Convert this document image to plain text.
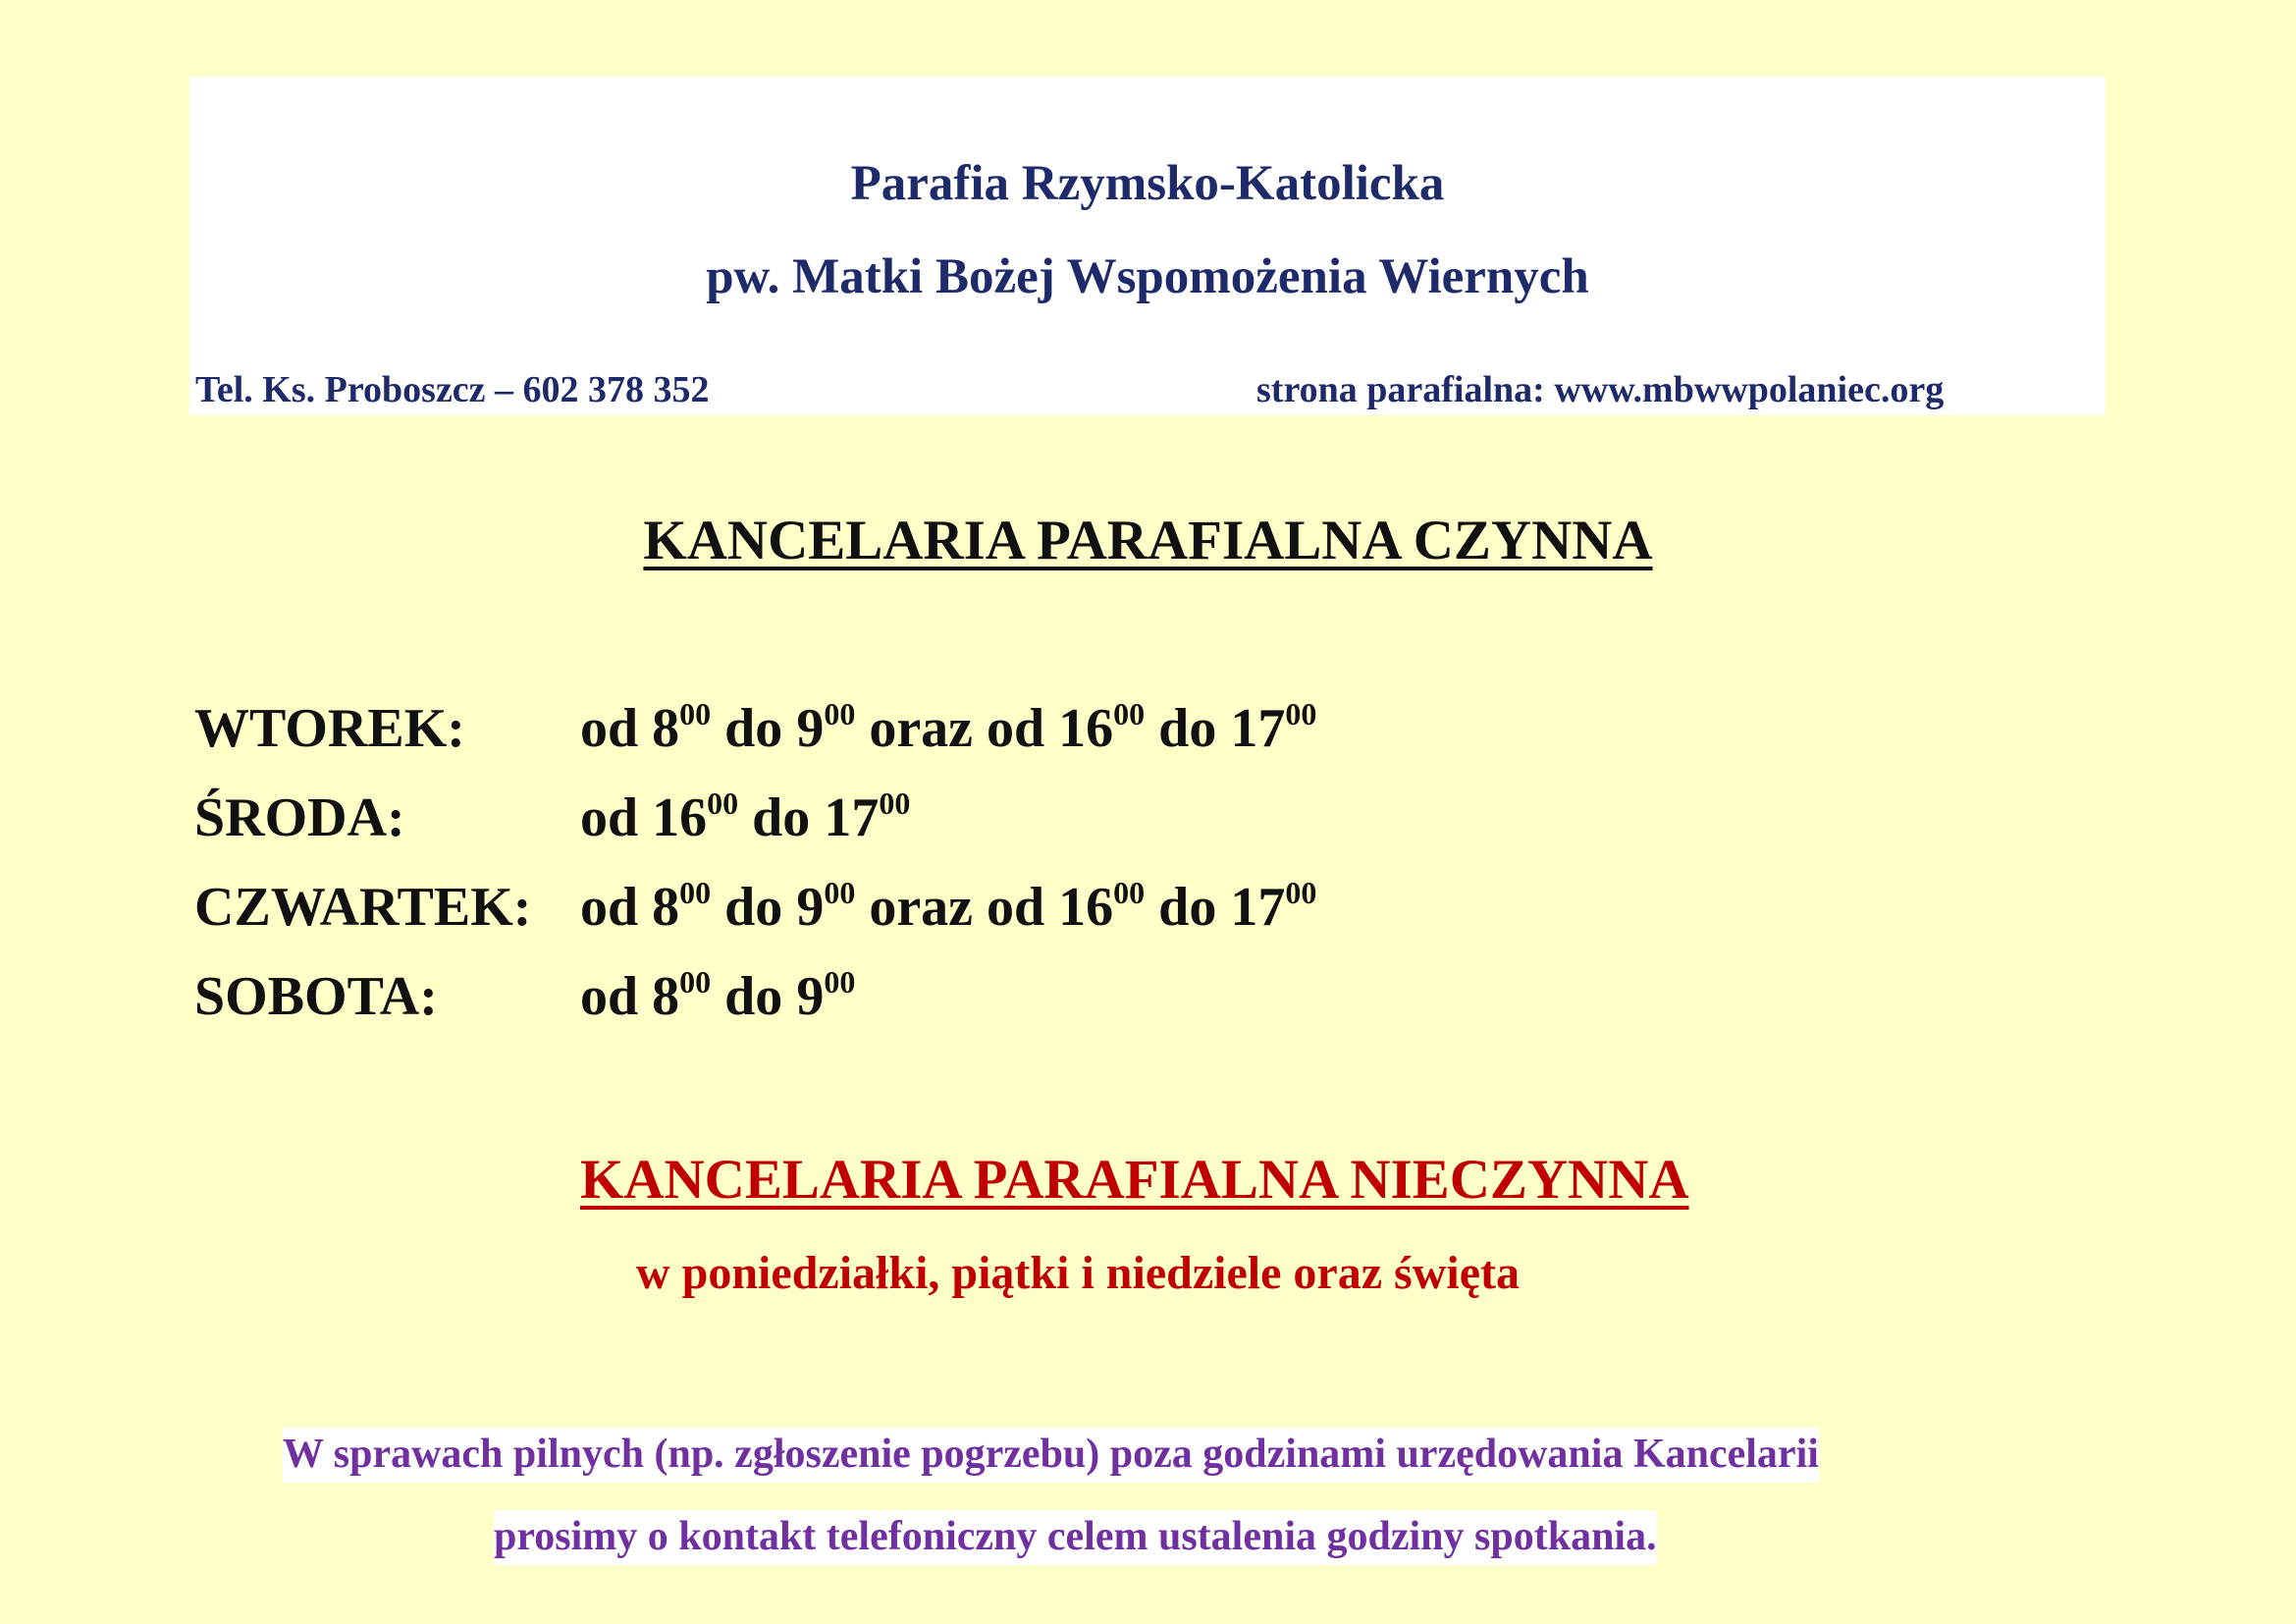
Parafia Rzymsko-Katolicka
pw. Matki Bożej Wspomożenia Wiernych
Tel. Ks. Proboszcz – 602 378 352	strona parafialna: www.mbwwpolaniec.org
KANCELARIA PARAFIALNA CZYNNA
WTOREK: od $8^{00}$ do $9^{00}$ oraz od $16^{00}$ do $17^{00}$
ŚRODA:	od $16^{00}$ do $17^{00}$
CZWARTEK: od $8^{00}$ do $9^{00}$ oraz od $16^{00}$ do $17^{00}$
SOBOTA:	od $8^{00}$ do $9^{00}$
KANCELARIA PARAFIALNA NIECZYNNA
w poniedziałki, piątki i niedziele oraz święta
W sprawach pilnych (np. zgłoszenie pogrzebu) poza godzinami urzędowania Kancelarii
prosimy o kontakt telefoniczny celem ustalenia godziny spotkania.
